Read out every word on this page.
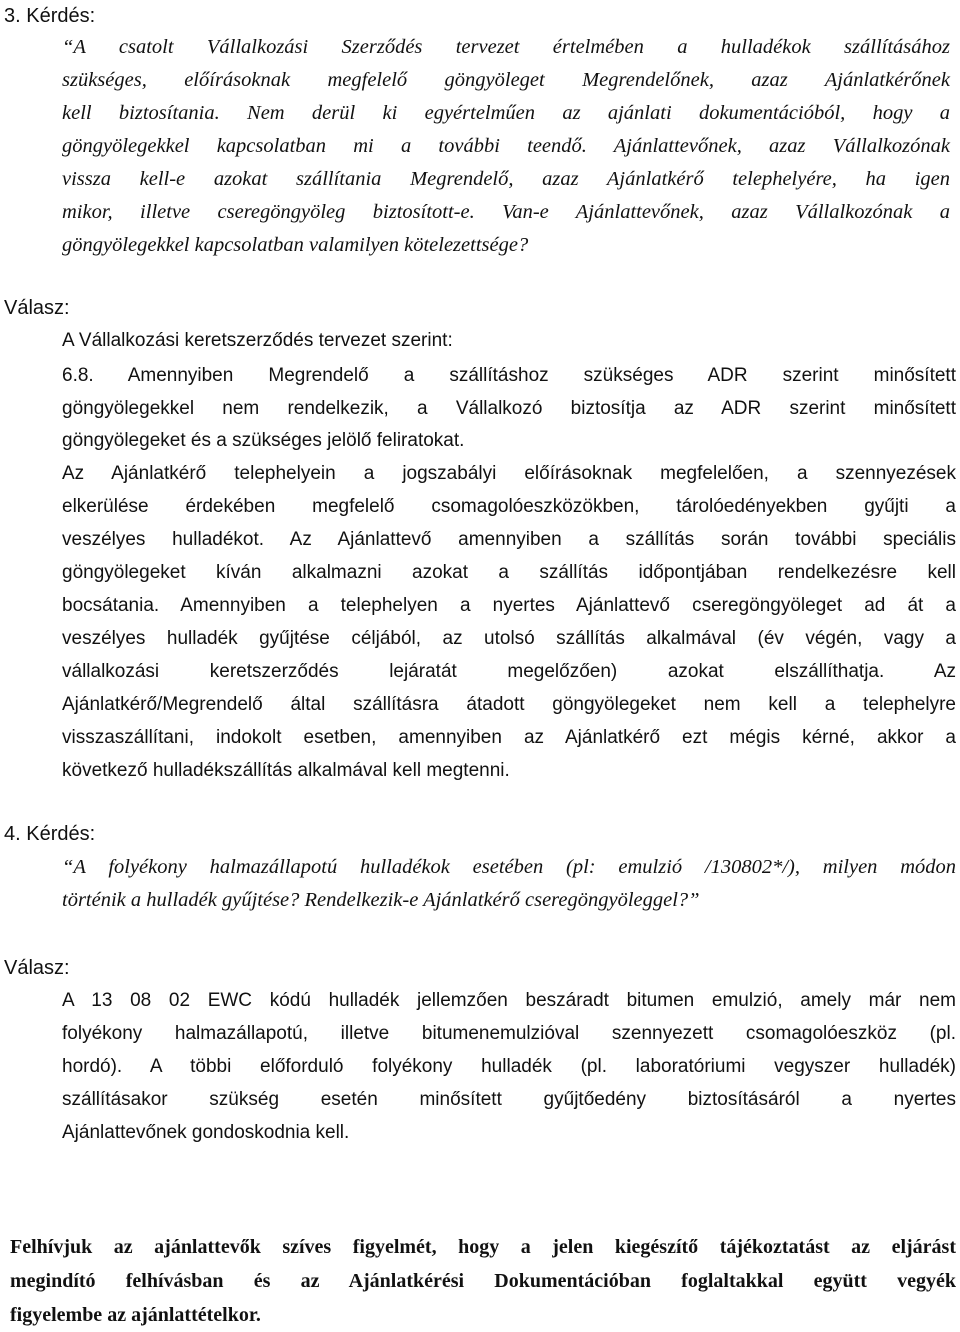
3. Kérdés:
“A csatolt Vállalkozási Szerződés tervezet értelmében a hulladékok szállításához
szükséges, előírásoknak megfelelő göngyöleget Megrendelőnek, azaz Ajánlatkérőnek
kell biztosítania. Nem derül ki egyértelműen az ajánlati dokumentációból, hogy a
göngyölegekkel kapcsolatban mi a további teendő. Ajánlattevőnek, azaz Vállalkozónak
vissza kell-e azokat szállítania Megrendelő, azaz Ajánlatkérő telephelyére, ha igen
mikor, illetve cseregöngyöleg biztosított-e. Van-e Ajánlattevőnek, azaz Vállalkozónak a
göngyölegekkel kapcsolatban valamilyen kötelezettsége?
Válasz:
A Vállalkozási keretszerződés tervezet szerint:
6.8. Amennyiben Megrendelő a szállításhoz szükséges ADR szerint minősített
göngyölegekkel nem rendelkezik, a Vállalkozó biztosítja az ADR szerint minősített
göngyölegeket és a szükséges jelölő feliratokat.
Az Ajánlatkérő telephelyein a jogszabályi előírásoknak megfelelően, a szennyezések
elkerülése érdekében megfelelő csomagolóeszközökben, tárolóedényekben gyűjti a
veszélyes hulladékot. Az Ajánlattevő amennyiben a szállítás során további speciális
göngyölegeket kíván alkalmazni azokat a szállítás időpontjában rendelkezésre kell
bocsátania. Amennyiben a telephelyen a nyertes Ajánlattevő cseregöngyöleget ad át a
veszélyes hulladék gyűjtése céljából, az utolsó szállítás alkalmával (év végén, vagy a
vállalkozási keretszerződés lejáratát megelőzően) azokat elszállíthatja. Az
Ajánlatkérő/Megrendelő által szállításra átadott göngyölegeket nem kell a telephelyre
visszaszállítani, indokolt esetben, amennyiben az Ajánlatkérő ezt mégis kérné, akkor a
következő hulladékszállítás alkalmával kell megtenni.
4. Kérdés:
“A folyékony halmazállapotú hulladékok esetében (pl: emulzió /130802*/), milyen módon
történik a hulladék gyűjtése? Rendelkezik-e Ajánlatkérő cseregöngyöleggel?”
Válasz:
A 13 08 02 EWC kódú hulladék jellemzően beszáradt bitumen emulzió, amely már nem
folyékony halmazállapotú, illetve bitumenemulzióval szennyezett csomagolóeszköz (pl.
hordó). A többi előforduló folyékony hulladék (pl. laboratóriumi vegyszer hulladék)
szállításakor szükség esetén minősített gyűjtőedény biztosításáról a nyertes
Ajánlattevőnek gondoskodnia kell.
Felhívjuk az ajánlattevők szíves figyelmét, hogy a jelen kiegészítő tájékoztatást az eljárást
megindító felhívásban és az Ajánlatkérési Dokumentációban foglaltakkal együtt vegyék
figyelembe az ajánlattételkor.
